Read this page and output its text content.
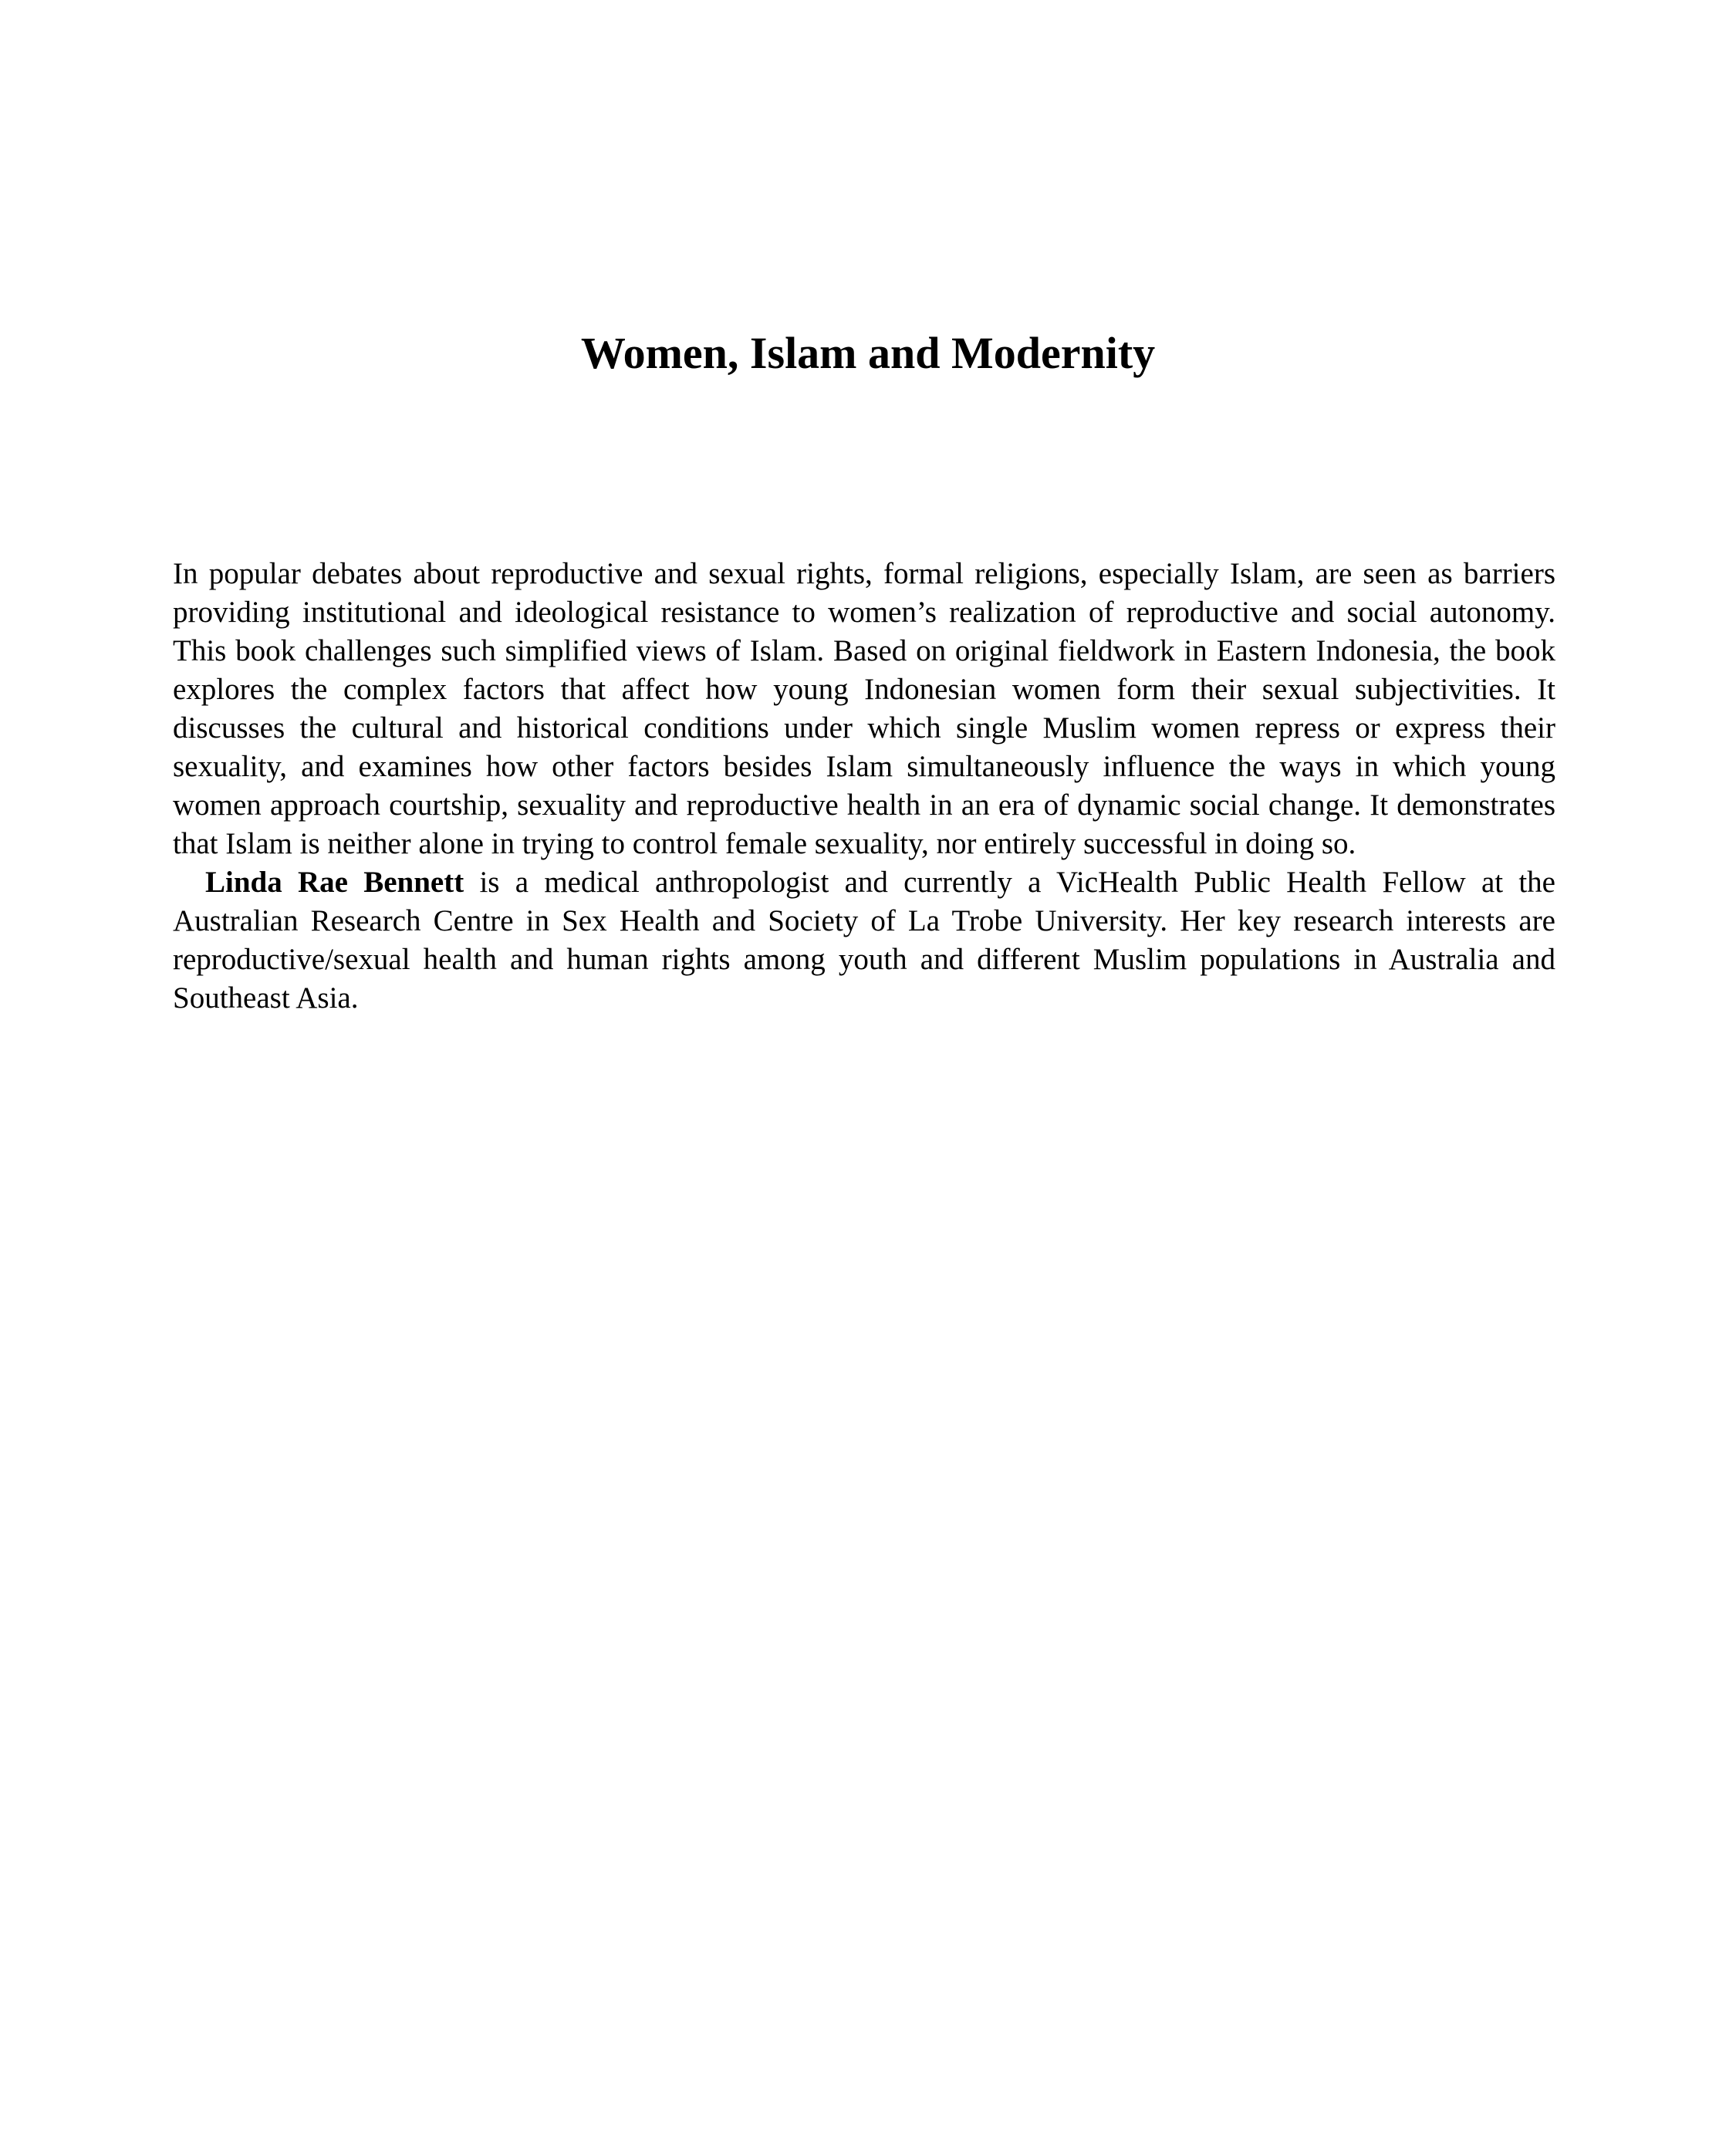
Women, Islam and Modernity

In popular debates about reproductive and sexual rights, formal religions, especially Islam, are seen as barriers providing institutional and ideological resistance to women’s realization of reproductive and social autonomy. This book challenges such simplified views of Islam. Based on original fieldwork in Eastern Indonesia, the book explores the complex factors that affect how young Indonesian women form their sexual subjectivities. It discusses the cultural and historical conditions under which single Muslim women repress or express their sexuality, and examines how other factors besides Islam simultaneously influence the ways in which young women approach courtship, sexuality and reproductive health in an era of dynamic social change. It demonstrates that Islam is neither alone in trying to control female sexuality, nor entirely successful in doing so.

Linda Rae Bennett is a medical anthropologist and currently a VicHealth Public Health Fellow at the Australian Research Centre in Sex Health and Society of La Trobe University. Her key research interests are reproductive/sexual health and human rights among youth and different Muslim populations in Australia and Southeast Asia.
